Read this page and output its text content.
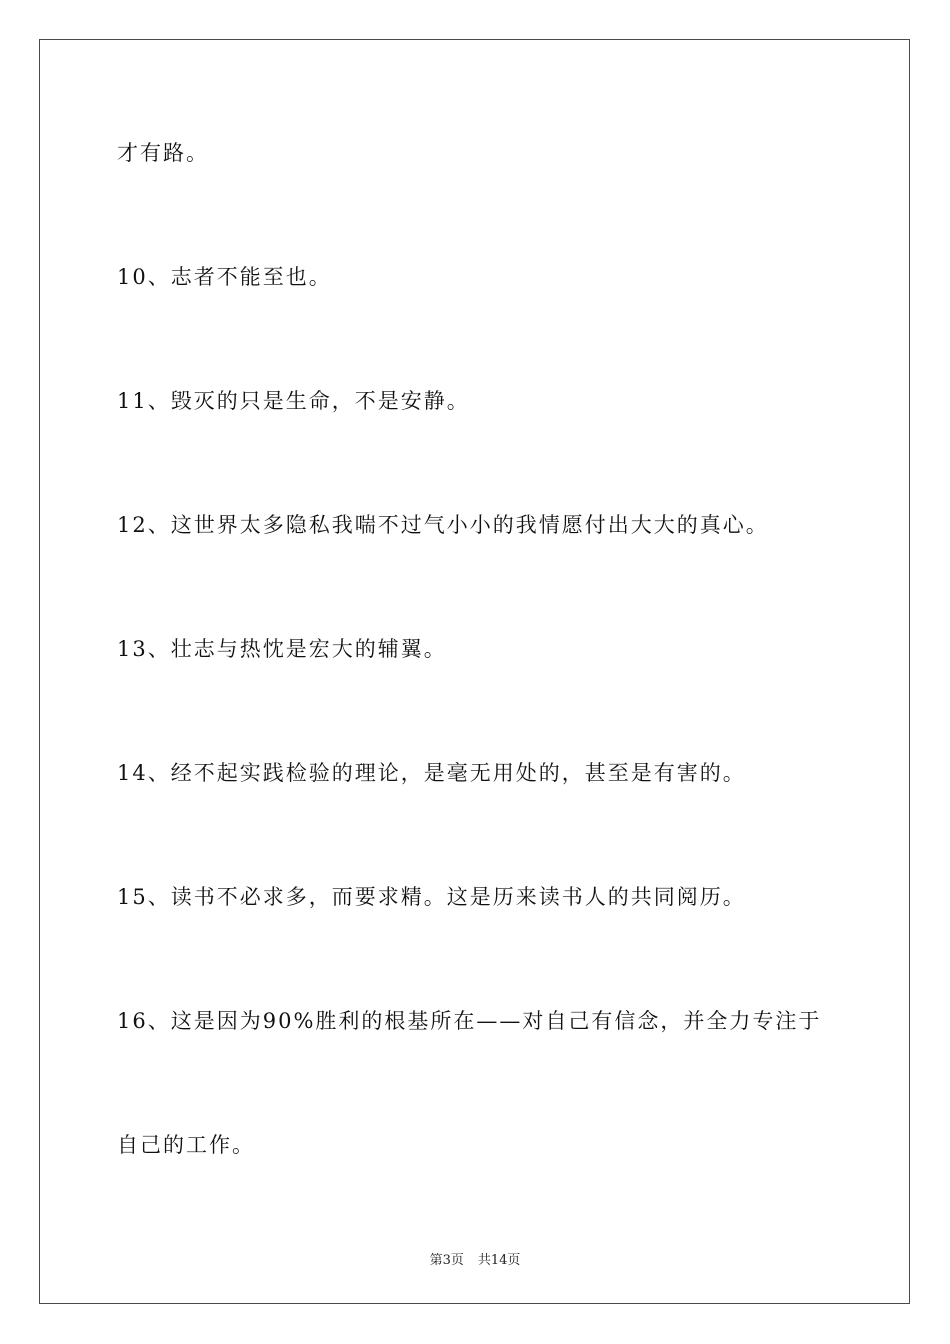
才有路。
10、志者不能至也。
11、毁灭的只是生命，不是安静。
12、这世界太多隐私我喘不过气小小的我情愿付出大大的真心。
13、壮志与热忱是宏大的辅翼。
14、经不起实践检验的理论，是毫无用处的，甚至是有害的。
15、读书不必求多，而要求精。这是历来读书人的共同阅历。
16、这是因为90%胜利的根基所在——对自己有信念，并全力专注于
自己的工作。
第3页 共14页
